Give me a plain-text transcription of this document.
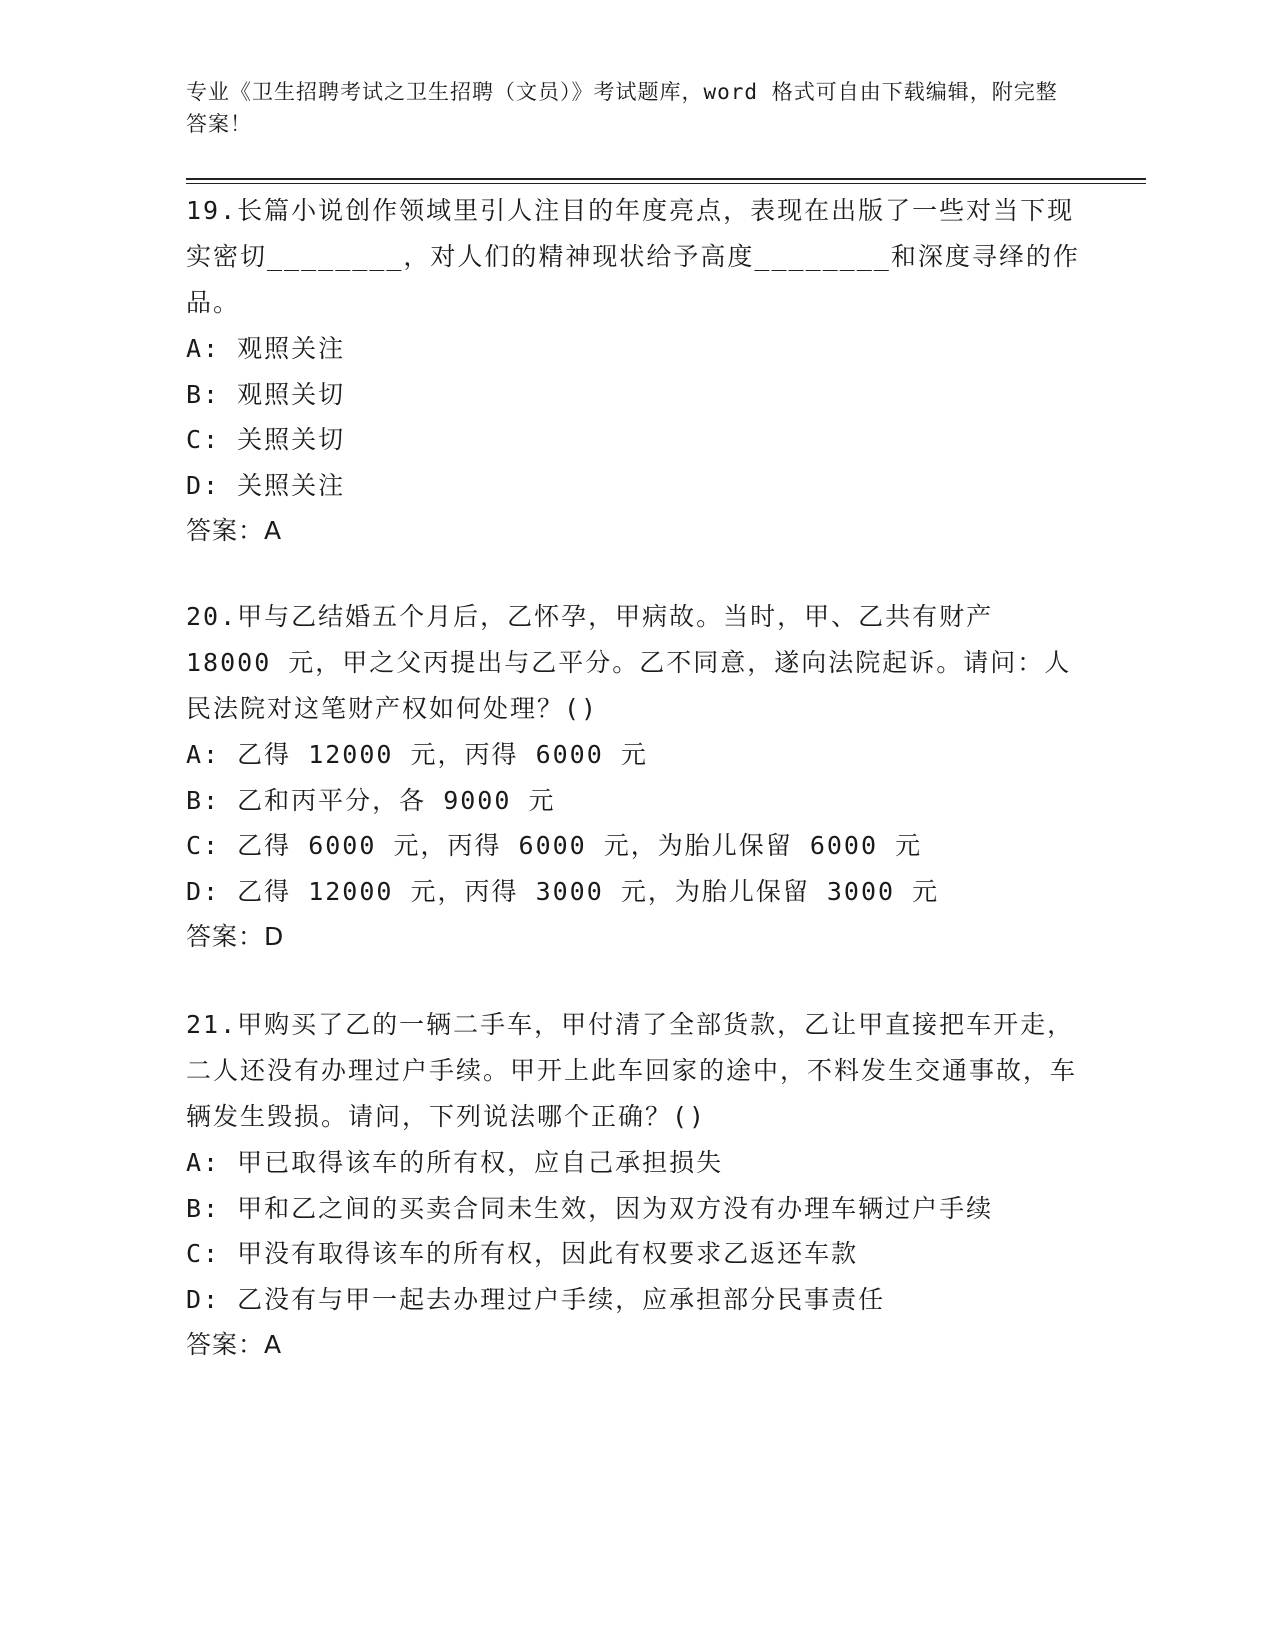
专业《卫生招聘考试之卫生招聘（文员）》考试题库，word 格式可自由下载编辑，附完整答案！

19.长篇小说创作领域里引人注目的年度亮点，表现在出版了一些对当下现实密切________，对人们的精神现状给予高度________和深度寻绎的作品。

A: 观照关注

B: 观照关切

C: 关照关切

D: 关照关注

答案：A

20.甲与乙结婚五个月后，乙怀孕，甲病故。当时，甲、乙共有财产 18000 元，甲之父丙提出与乙平分。乙不同意，遂向法院起诉。请问：人民法院对这笔财产权如何处理？()

A: 乙得 12000 元，丙得 6000 元

B: 乙和丙平分，各 9000 元

C: 乙得 6000 元，丙得 6000 元，为胎儿保留 6000 元

D: 乙得 12000 元，丙得 3000 元，为胎儿保留 3000 元

答案：D

21.甲购买了乙的一辆二手车，甲付清了全部货款，乙让甲直接把车开走，二人还没有办理过户手续。甲开上此车回家的途中，不料发生交通事故，车辆发生毁损。请问，下列说法哪个正确？()

A: 甲已取得该车的所有权，应自己承担损失

B: 甲和乙之间的买卖合同未生效，因为双方没有办理车辆过户手续

C: 甲没有取得该车的所有权，因此有权要求乙返还车款

D: 乙没有与甲一起去办理过户手续，应承担部分民事责任

答案：A
